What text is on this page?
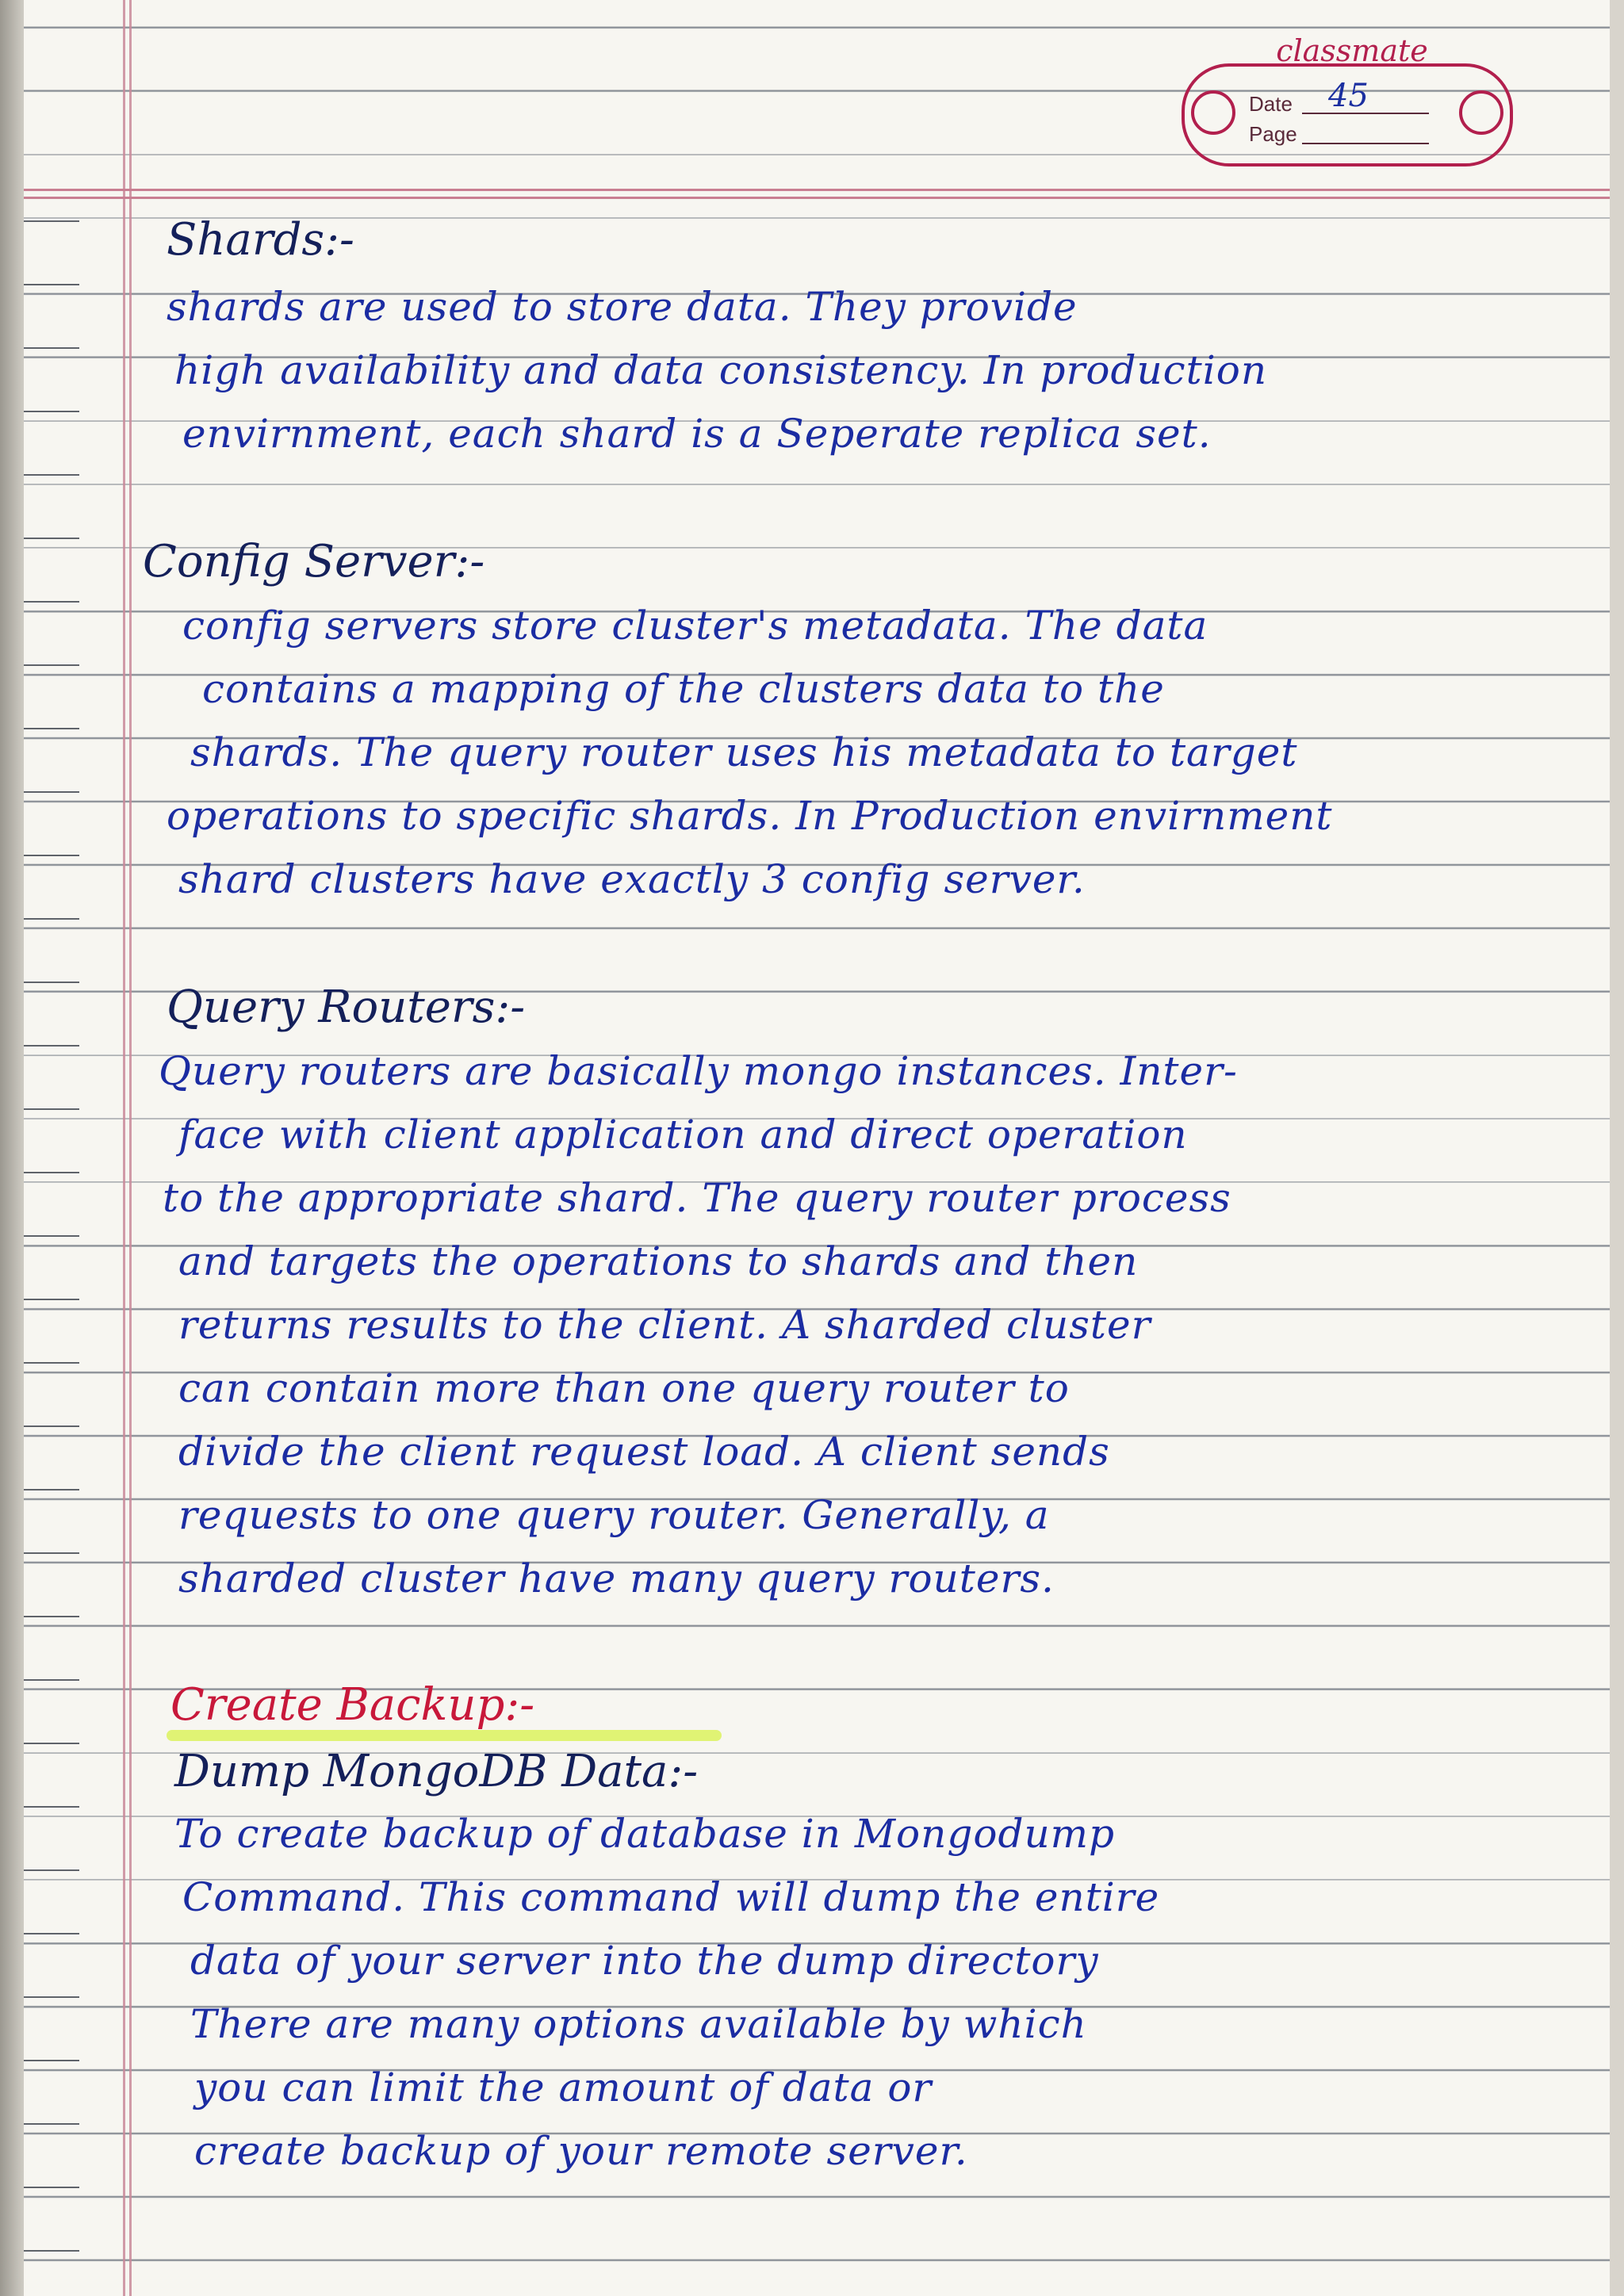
classmate
Date 45
Page
Shards:-
shards are used to store data. They provide
high availability and data consistency. In production
envirnment, each shard is a Seperate replica set.
Config Server:-
config servers store cluster's metadata. The data
contains a mapping of the clusters data to the
shards. The query router uses his metadata to target
operations to specific shards. In Production envirnment
shard clusters have exactly 3 config server.
Query Routers:-
Query routers are basically mongo instances. Inter-
face with client application and direct operation
to the appropriate shard. The query router process
and targets the operations to shards and then
returns results to the client. A sharded cluster
can contain more than one query router to
divide the client request load. A client sends
requests to one query router. Generally, a
sharded cluster have many query routers.
Create Backup:-
Dump MongoDB Data:-
To create backup of database in Mongodump
Command. This command will dump the entire
data of your server into the dump directory
There are many options available by which
you can limit the amount of data or
create backup of your remote server.
